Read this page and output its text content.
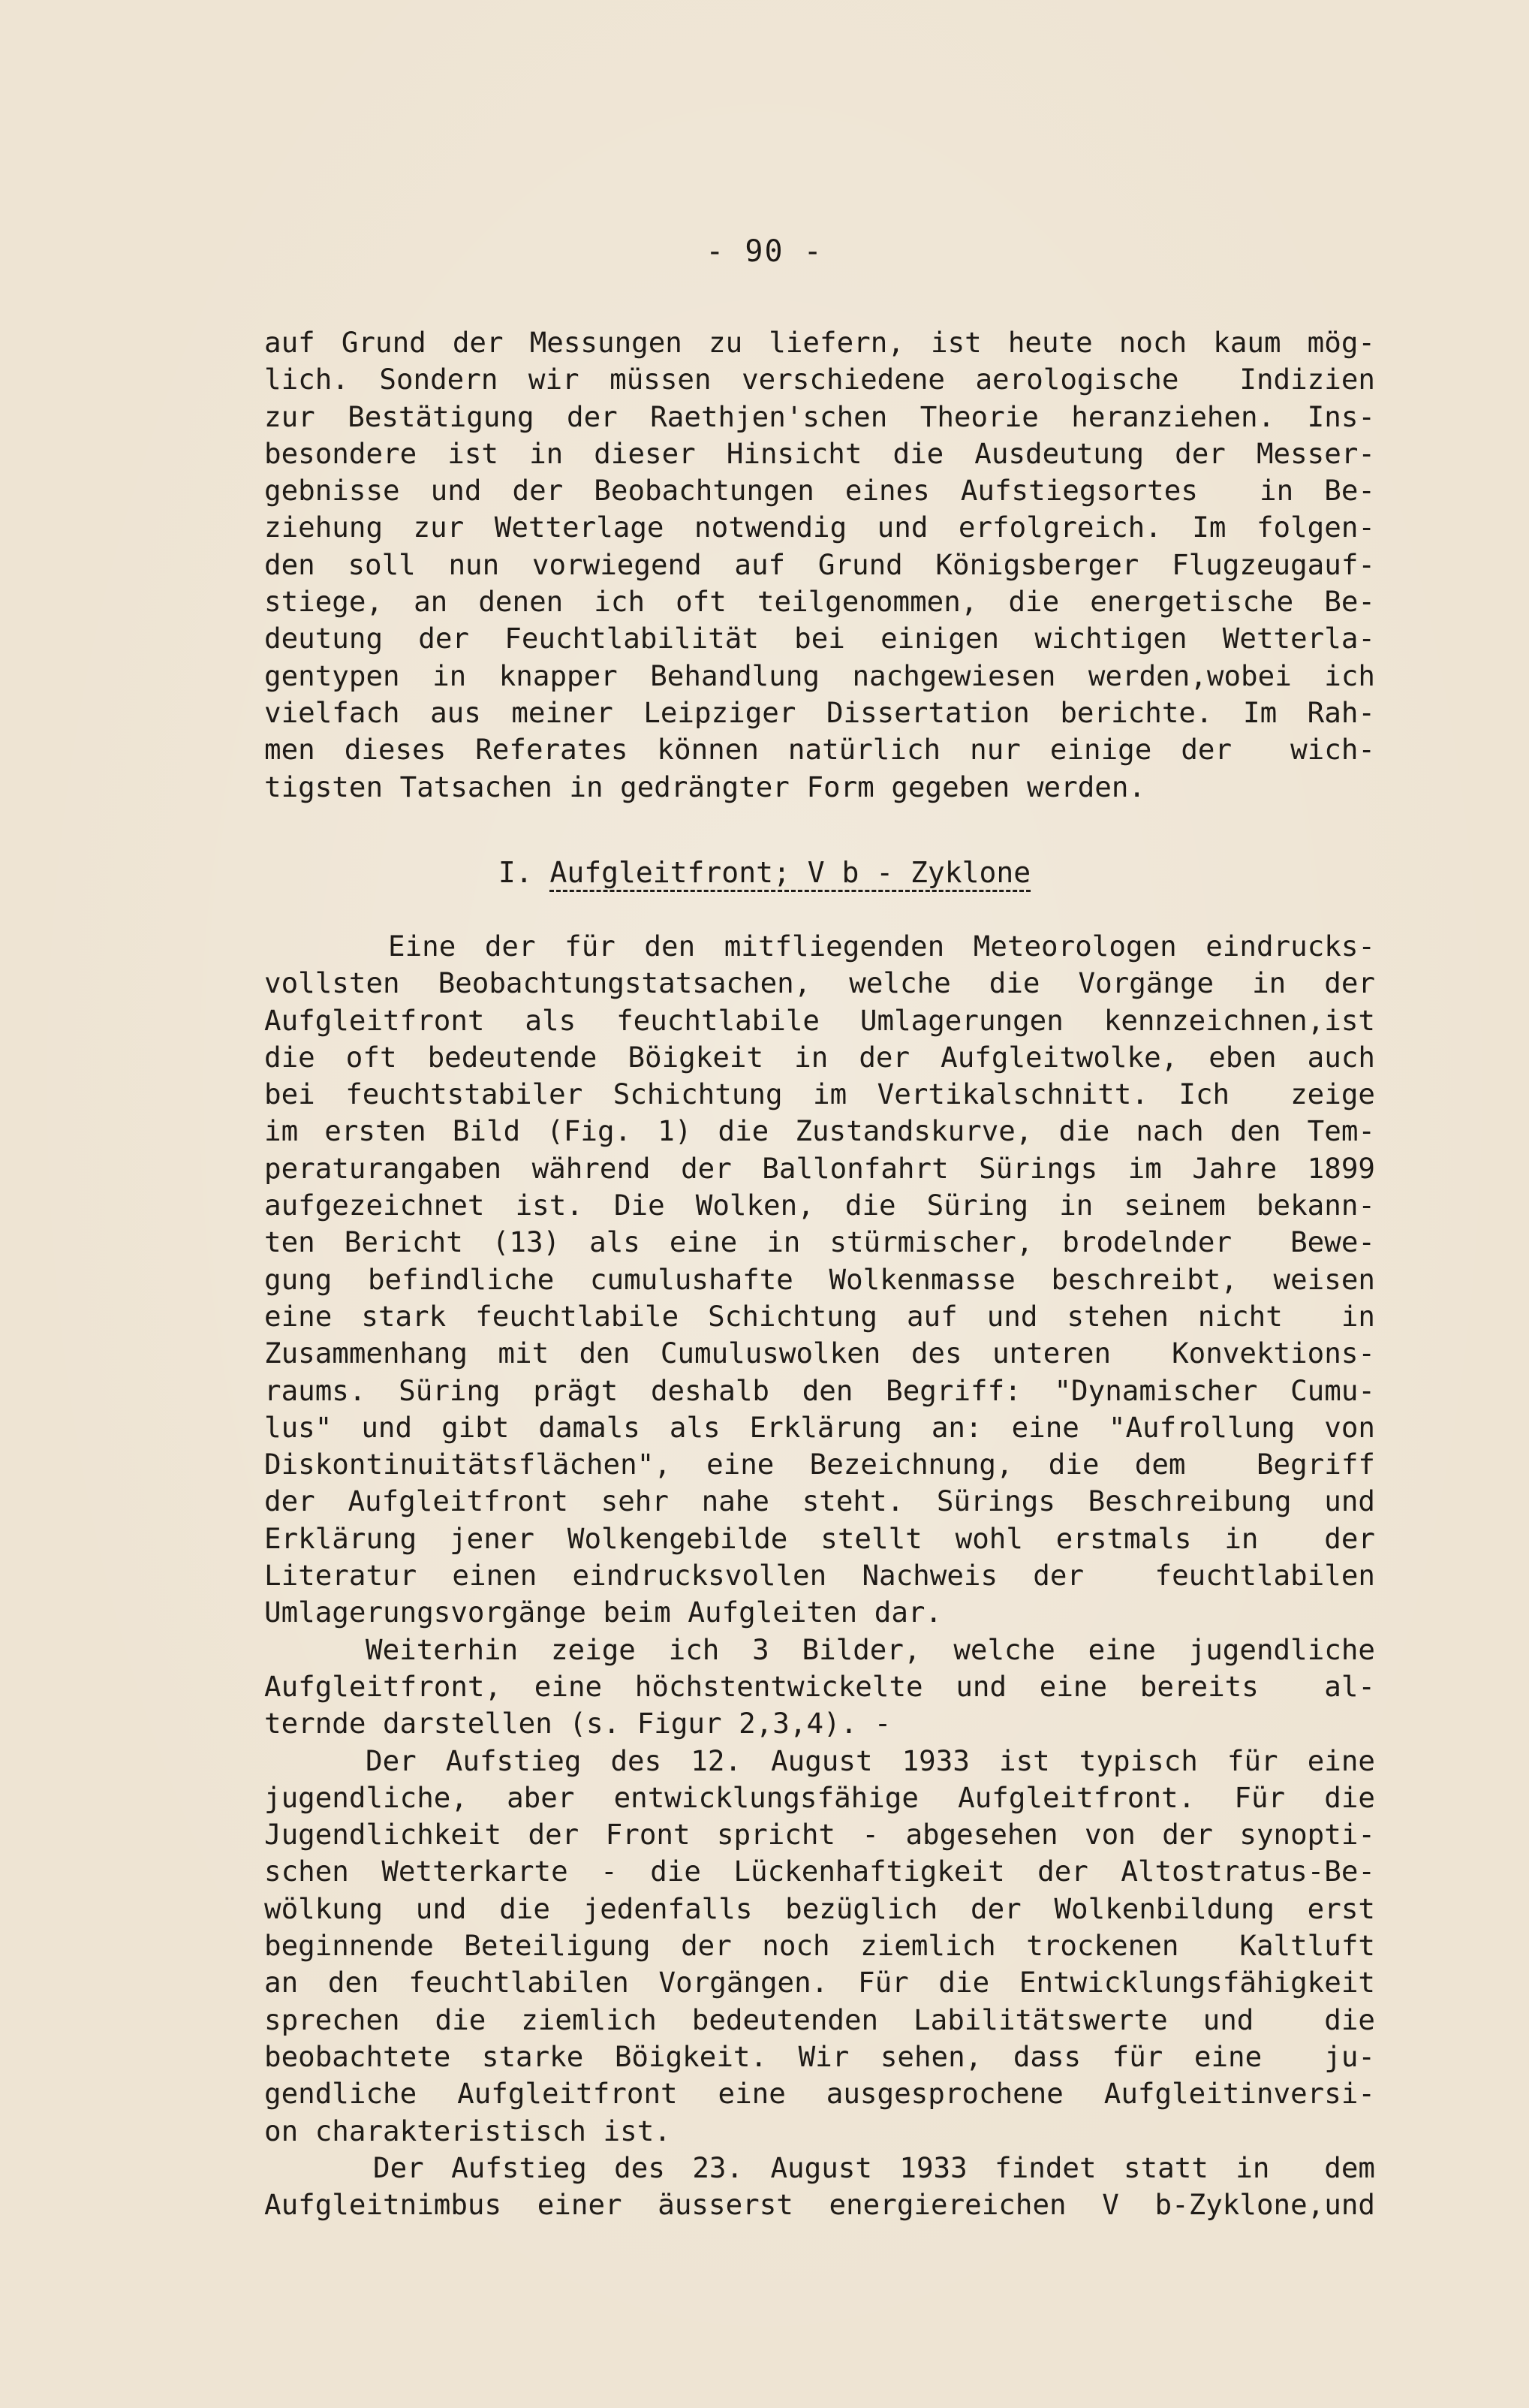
- 90 -
auf Grund der Messungen zu liefern, ist heute noch kaum mög-
lich. Sondern wir müssen verschiedene aerologische  Indizien
zur Bestätigung der Raethjen'schen Theorie heranziehen. Ins-
besondere ist in dieser Hinsicht die Ausdeutung der Messer-
gebnisse und der Beobachtungen eines Aufstiegsortes  in Be-
ziehung zur Wetterlage notwendig und erfolgreich. Im folgen-
den soll nun vorwiegend auf Grund Königsberger Flugzeugauf-
stiege, an denen ich oft teilgenommen, die energetische Be-
deutung der Feuchtlabilität bei einigen wichtigen Wetterla-
gentypen in knapper Behandlung nachgewiesen werden,wobei ich
vielfach aus meiner Leipziger Dissertation berichte. Im Rah-
men dieses Referates können natürlich nur einige der  wich-
tigsten Tatsachen in gedrängter Form gegeben werden.
I. Aufgleitfront; V b - Zyklone
Eine der für den mitfliegenden Meteorologen eindrucks-
vollsten Beobachtungstatsachen, welche die Vorgänge in der
Aufgleitfront als feuchtlabile Umlagerungen kennzeichnen,ist
die oft bedeutende Böigkeit in der Aufgleitwolke, eben auch
bei feuchtstabiler Schichtung im Vertikalschnitt. Ich  zeige
im ersten Bild (Fig. 1) die Zustandskurve, die nach den Tem-
peraturangaben während der Ballonfahrt Sürings im Jahre 1899
aufgezeichnet ist. Die Wolken, die Süring in seinem bekann-
ten Bericht (13) als eine in stürmischer, brodelnder  Bewe-
gung befindliche cumulushafte Wolkenmasse beschreibt, weisen
eine stark feuchtlabile Schichtung auf und stehen nicht  in
Zusammenhang mit den Cumuluswolken des unteren  Konvektions-
raums. Süring prägt deshalb den Begriff: "Dynamischer Cumu-
lus" und gibt damals als Erklärung an: eine "Aufrollung von
Diskontinuitätsflächen", eine Bezeichnung, die dem  Begriff
der Aufgleitfront sehr nahe steht. Sürings Beschreibung und
Erklärung jener Wolkengebilde stellt wohl erstmals in  der
Literatur einen eindrucksvollen Nachweis der  feuchtlabilen
Umlagerungsvorgänge beim Aufgleiten dar.
Weiterhin zeige ich 3 Bilder, welche eine jugendliche
Aufgleitfront, eine höchstentwickelte und eine bereits  al-
ternde darstellen (s. Figur 2,3,4). -
Der Aufstieg des 12. August 1933 ist typisch für eine
jugendliche, aber entwicklungsfähige Aufgleitfront. Für die
Jugendlichkeit der Front spricht - abgesehen von der synopti-
schen Wetterkarte - die Lückenhaftigkeit der Altostratus-Be-
wölkung und die jedenfalls bezüglich der Wolkenbildung erst
beginnende Beteiligung der noch ziemlich trockenen  Kaltluft
an den feuchtlabilen Vorgängen. Für die Entwicklungsfähigkeit
sprechen die ziemlich bedeutenden Labilitätswerte und  die
beobachtete starke Böigkeit. Wir sehen, dass für eine  ju-
gendliche Aufgleitfront eine ausgesprochene Aufgleitinversi-
on charakteristisch ist.
Der Aufstieg des 23. August 1933 findet statt in  dem
Aufgleitnimbus einer äusserst energiereichen V b-Zyklone,und
